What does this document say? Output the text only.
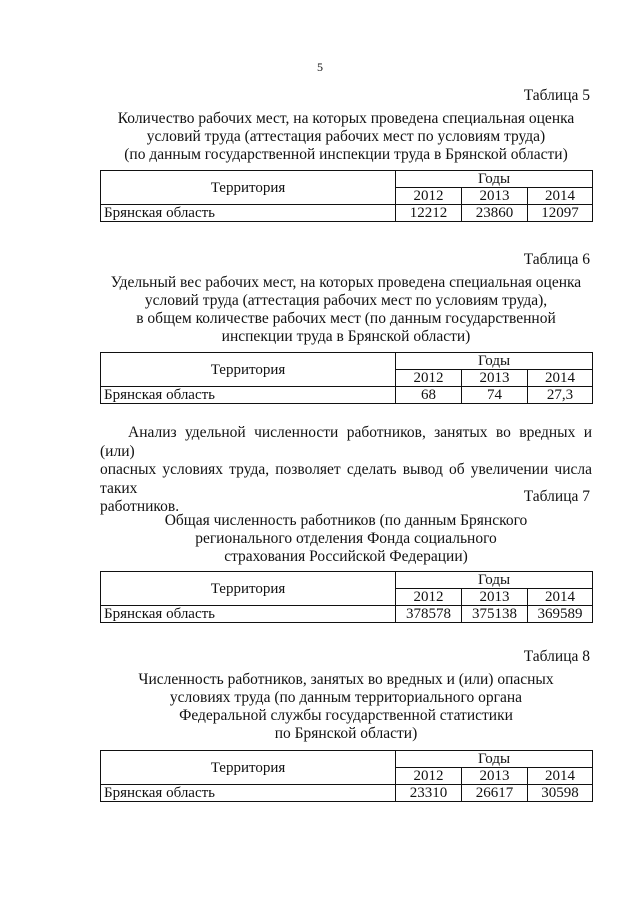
5
Таблица 5
Количество рабочих мест, на которых проведена специальная оценка
условий труда (аттестация рабочих мест по условиям труда)
(по данным государственной инспекции труда в Брянской области)
Территория	Годы		
	2012	2013	2014
Брянская область	12212	23860	12097
Таблица 6
Удельный вес рабочих мест, на которых проведена специальная оценка
условий труда (аттестация рабочих мест по условиям труда),
в общем количестве рабочих мест (по данным государственной
инспекции труда в Брянской области)
Территория	Годы		
	2012	2013	2014
Брянская область	68	74	27,3
Анализ удельной численности работников, занятых во вредных и (или)
опасных условиях труда, позволяет сделать вывод об увеличении числа таких
работников.
Таблица 7
Общая численность работников (по данным Брянского
регионального отделения Фонда социального
страхования Российской Федерации)
Территория	Годы		
	2012	2013	2014
Брянская область	378578	375138	369589
Таблица 8
Численность работников, занятых во вредных и (или) опасных
условиях труда (по данным территориального органа
Федеральной службы государственной статистики
по Брянской области)
Территория	Годы		
	2012	2013	2014
Брянская область	23310	26617	30598
